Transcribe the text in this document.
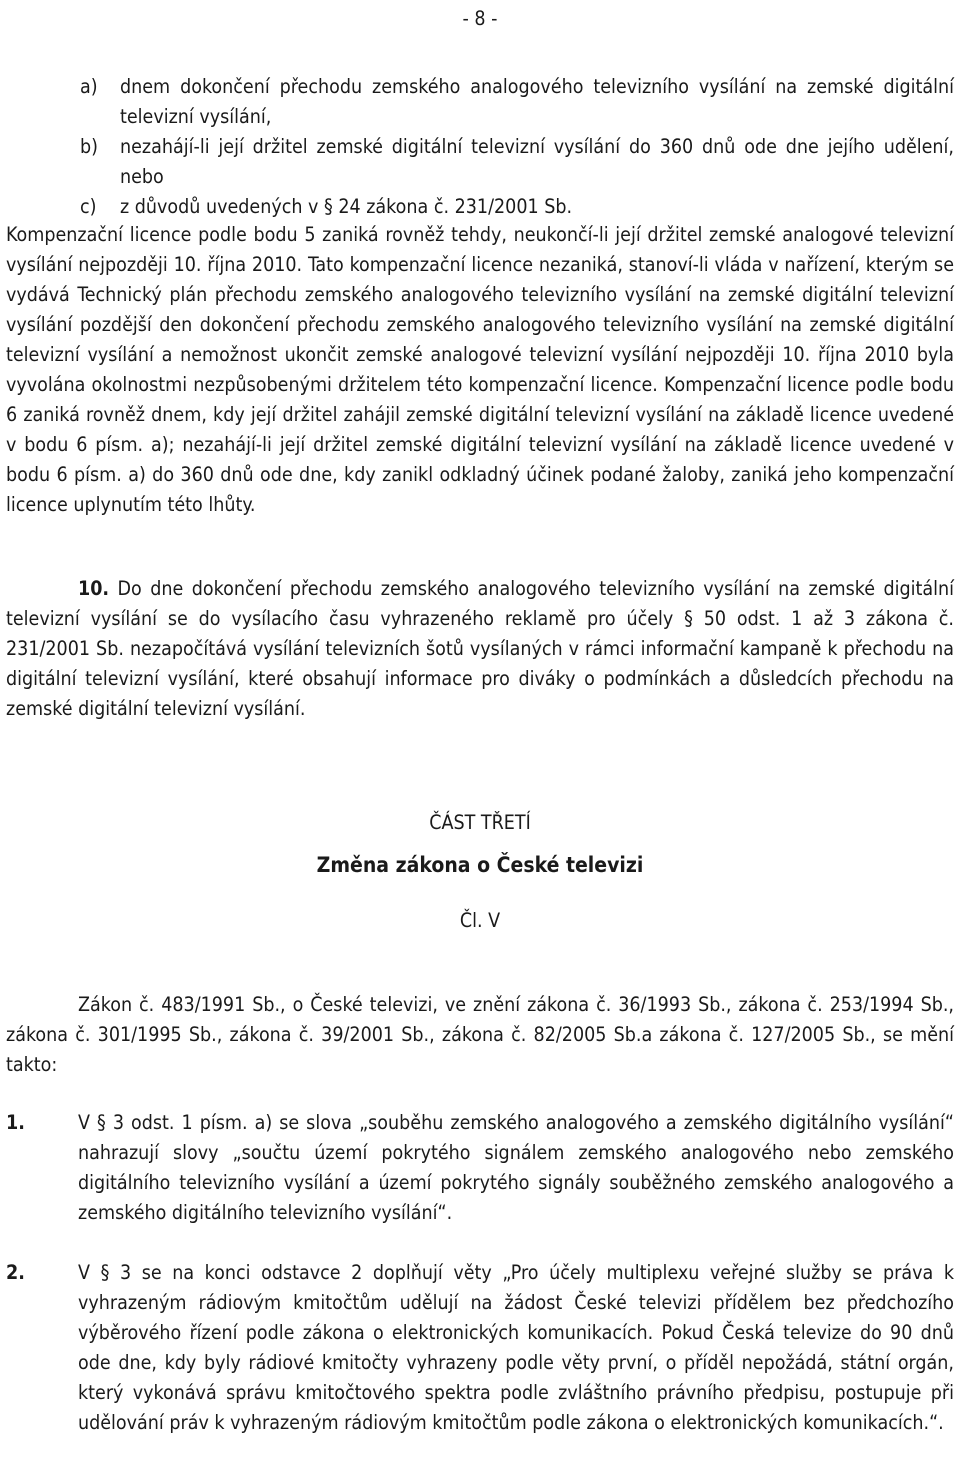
- 8 -
a)	dnem dokončení přechodu zemského analogového televizního vysílání na zemské digitální televizní vysílání,
b)	nezahájí-li její držitel zemské digitální televizní vysílání do 360 dnů ode dne jejího udělení, nebo
c)	z důvodů uvedených v § 24 zákona č. 231/2001 Sb.
Kompenzační licence podle bodu 5 zaniká rovněž tehdy, neukončí-li její držitel zemské analogové televizní vysílání nejpozději 10. října 2010. Tato kompenzační licence nezaniká, stanoví-li vláda v nařízení, kterým se vydává Technický plán přechodu zemského analogového televizního vysílání na zemské digitální televizní vysílání pozdější den dokončení přechodu zemského analogového televizního vysílání na zemské digitální televizní vysílání a nemožnost ukončit zemské analogové televizní vysílání nejpozději 10. října 2010 byla vyvolána okolnostmi nezpůsobenými držitelem této kompenzační licence. Kompenzační licence podle bodu 6 zaniká rovněž dnem, kdy její držitel zahájil zemské digitální televizní vysílání na základě licence uvedené v bodu 6 písm. a); nezahájí-li její držitel zemské digitální televizní vysílání na základě licence uvedené v bodu 6 písm. a) do 360 dnů ode dne, kdy zanikl odkladný účinek podané žaloby, zaniká jeho kompenzační licence uplynutím této lhůty.
10. Do dne dokončení přechodu zemského analogového televizního vysílání na zemské digitální televizní vysílání se do vysílacího času vyhrazeného reklamě pro účely § 50 odst. 1 až 3 zákona č. 231/2001 Sb. nezapočítává vysílání televizních šotů vysílaných v rámci informační kampaně k přechodu na digitální televizní vysílání, které obsahují informace pro diváky o podmínkách a důsledcích přechodu na zemské digitální televizní vysílání.
ČÁST TŘETÍ
Změna zákona o České televizi
Čl. V
Zákon č. 483/1991 Sb., o České televizi, ve znění zákona č. 36/1993 Sb., zákona č. 253/1994 Sb., zákona č. 301/1995 Sb., zákona č. 39/2001 Sb., zákona č. 82/2005 Sb.a zákona č. 127/2005 Sb., se mění takto:
1.	V § 3 odst. 1 písm. a) se slova „souběhu zemského analogového a zemského digitálního vysílání“ nahrazují slovy „součtu území pokrytého signálem zemského analogového nebo zemského digitálního televizního vysílání a území pokrytého signály souběžného zemského analogového a zemského digitálního televizního vysílání“.
2.	V § 3 se na konci odstavce 2 doplňují věty „Pro účely multiplexu veřejné služby se práva k vyhrazeným rádiovým kmitočtům udělují na žádost České televizi přídělem bez předchozího výběrového řízení podle zákona o elektronických komunikacích. Pokud Česká televize do 90 dnů ode dne, kdy byly rádiové kmitočty vyhrazeny podle věty první, o příděl nepožádá, státní orgán, který vykonává správu kmitočtového spektra podle zvláštního právního předpisu, postupuje při udělování práv k vyhrazeným rádiovým kmitočtům podle zákona o elektronických komunikacích.“.
